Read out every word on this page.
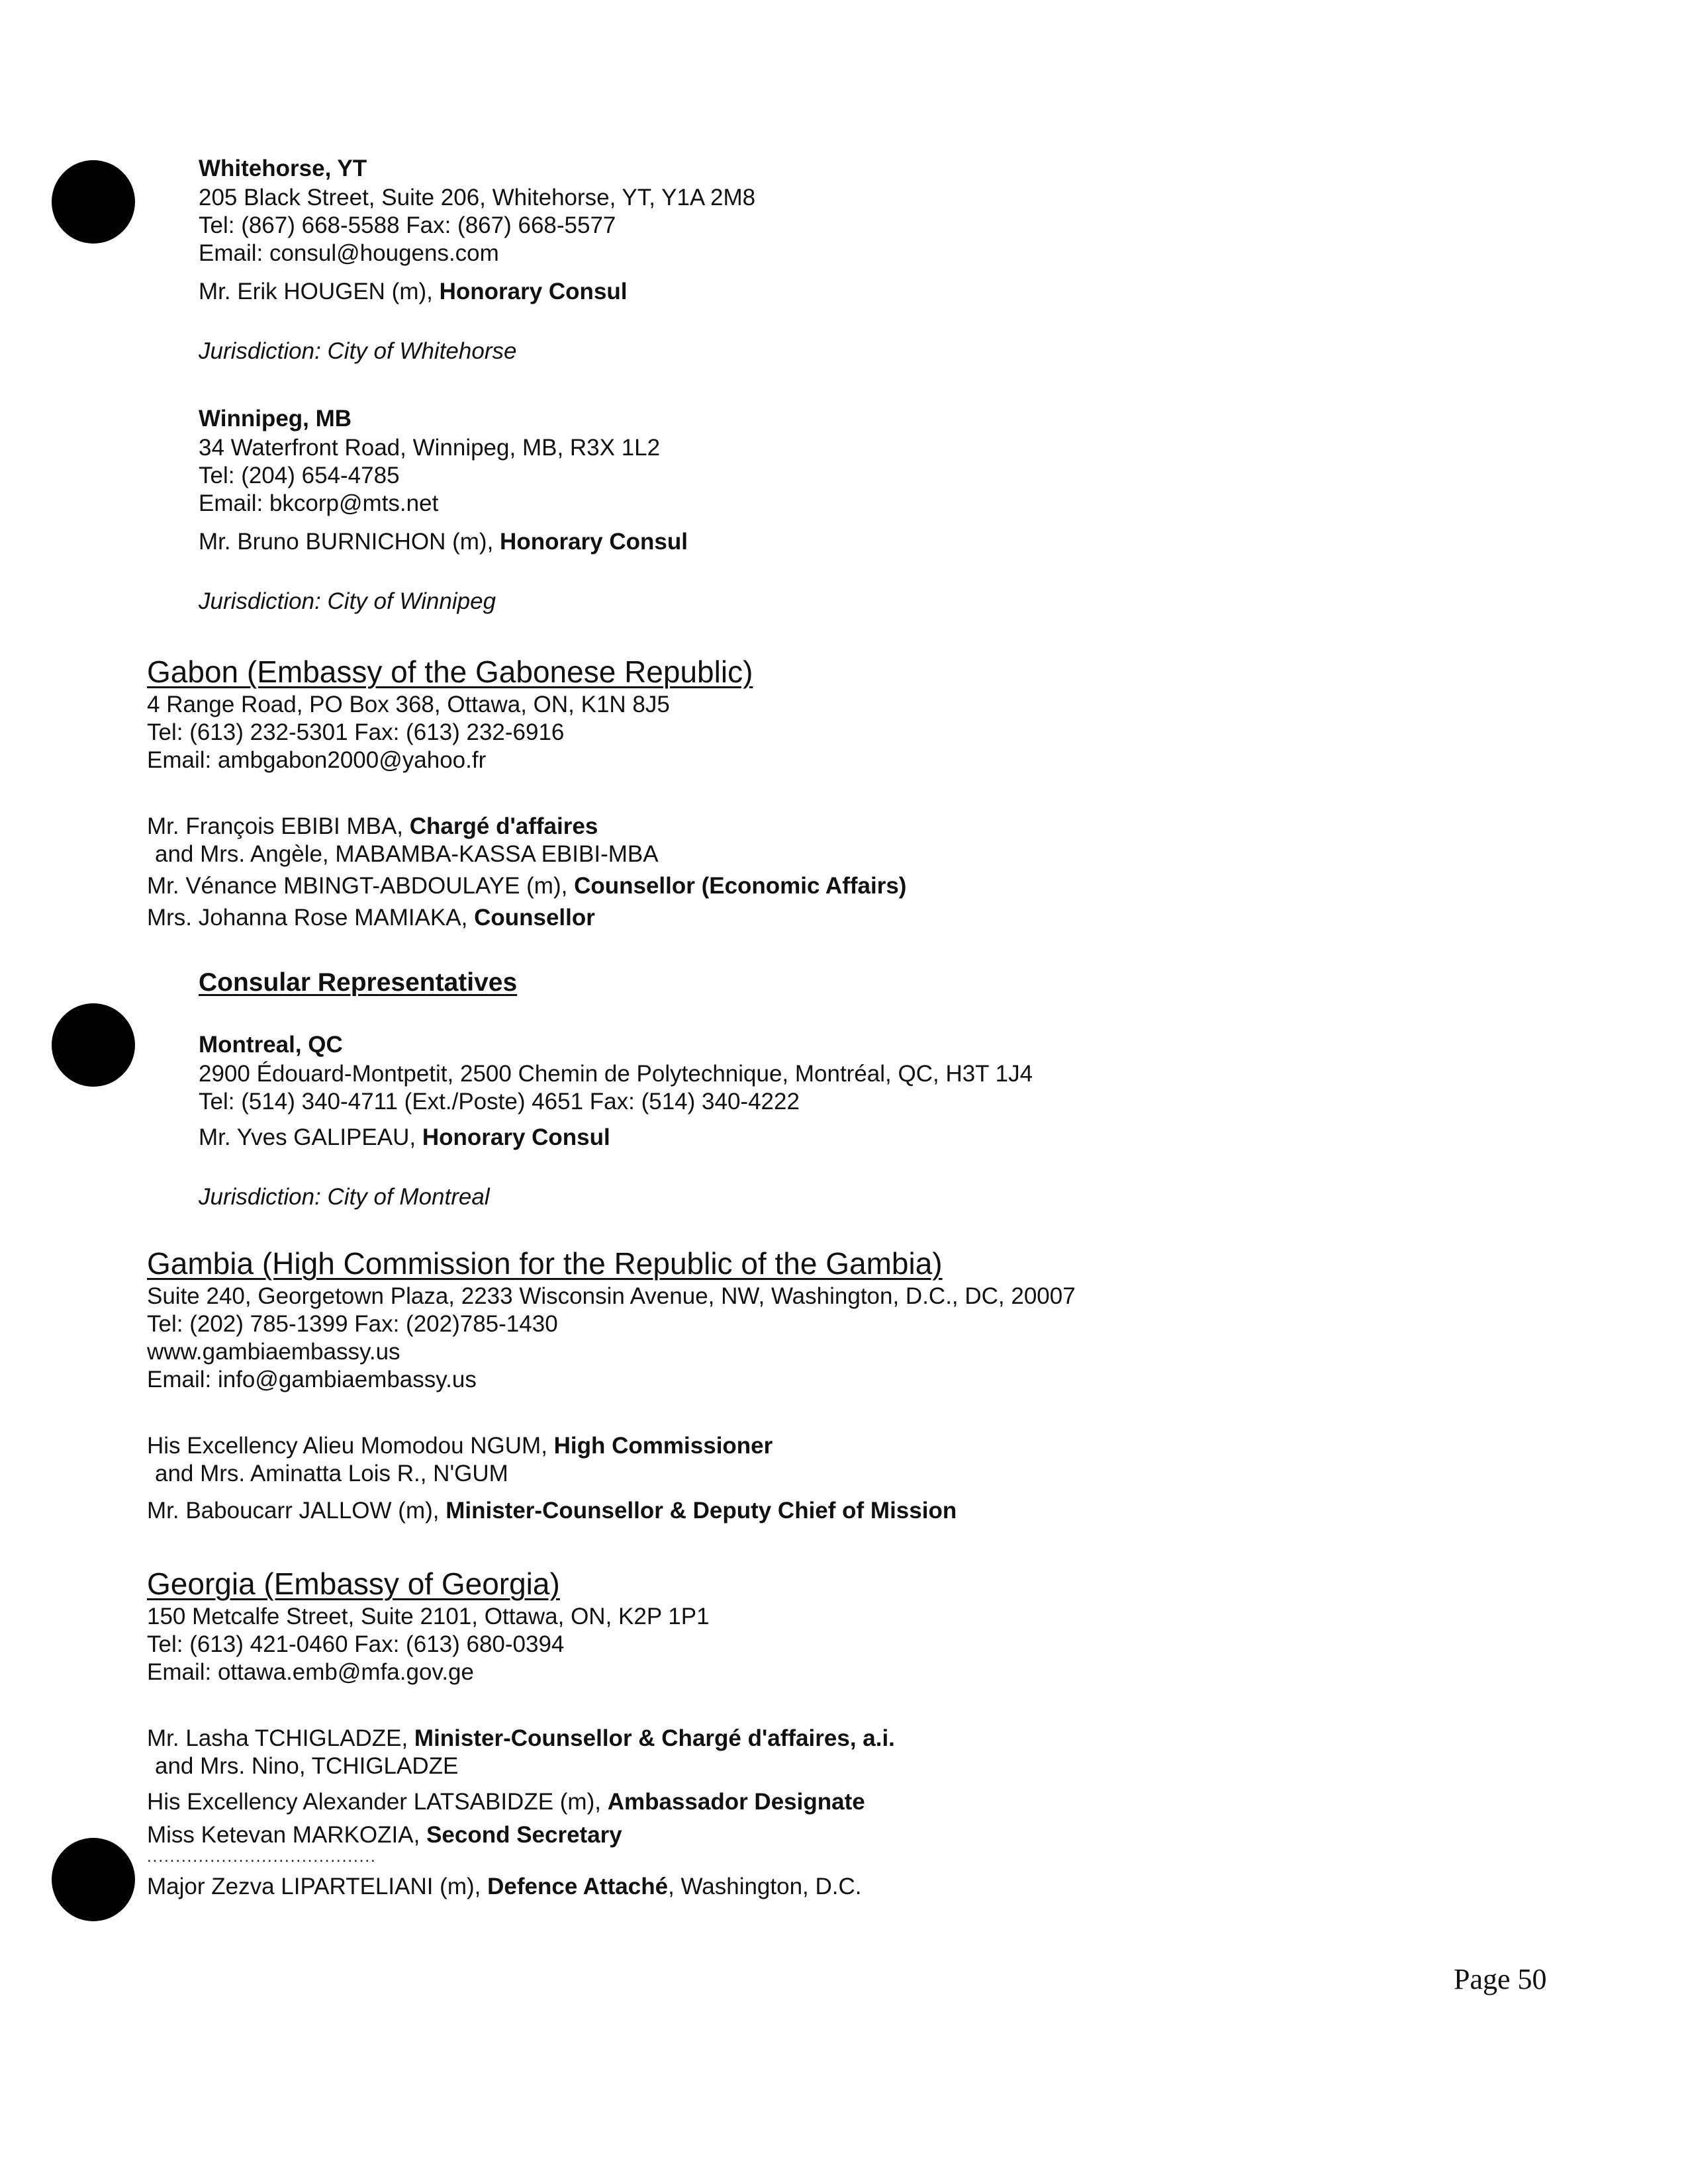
Whitehorse, YT
205 Black Street, Suite 206, Whitehorse, YT, Y1A 2M8
Tel: (867) 668-5588 Fax: (867) 668-5577
Email: consul@hougens.com
Mr. Erik HOUGEN (m), Honorary Consul
Jurisdiction: City of Whitehorse
Winnipeg, MB
34 Waterfront Road, Winnipeg, MB, R3X 1L2
Tel: (204) 654-4785
Email: bkcorp@mts.net
Mr. Bruno BURNICHON (m), Honorary Consul
Jurisdiction: City of Winnipeg
Gabon (Embassy of the Gabonese Republic)
4 Range Road, PO Box 368, Ottawa, ON, K1N 8J5
Tel: (613) 232-5301 Fax: (613) 232-6916
Email: ambgabon2000@yahoo.fr
Mr. François EBIBI MBA, Chargé d'affaires
and Mrs. Angèle, MABAMBA-KASSA EBIBI-MBA
Mr. Vénance MBINGT-ABDOULAYE (m), Counsellor (Economic Affairs)
Mrs. Johanna Rose MAMIAKA, Counsellor
Consular Representatives
Montreal, QC
2900 Édouard-Montpetit, 2500 Chemin de Polytechnique, Montréal, QC, H3T 1J4
Tel: (514) 340-4711 (Ext./Poste) 4651 Fax: (514) 340-4222
Mr. Yves GALIPEAU, Honorary Consul
Jurisdiction: City of Montreal
Gambia (High Commission for the Republic of the Gambia)
Suite 240, Georgetown Plaza, 2233 Wisconsin Avenue, NW, Washington, D.C., DC, 20007
Tel: (202) 785-1399 Fax: (202)785-1430
www.gambiaembassy.us
Email: info@gambiaembassy.us
His Excellency Alieu Momodou NGUM, High Commissioner
and Mrs. Aminatta Lois R., N'GUM
Mr. Baboucarr JALLOW (m), Minister-Counsellor & Deputy Chief of Mission
Georgia (Embassy of Georgia)
150 Metcalfe Street, Suite 2101, Ottawa, ON, K2P 1P1
Tel: (613) 421-0460 Fax: (613) 680-0394
Email: ottawa.emb@mfa.gov.ge
Mr. Lasha TCHIGLADZE, Minister-Counsellor & Chargé d'affaires, a.i.
and Mrs. Nino, TCHIGLADZE
His Excellency Alexander LATSABIDZE (m), Ambassador Designate
Miss Ketevan MARKOZIA, Second Secretary
........................................
Major Zezva LIPARTELIANI (m), Defence Attaché, Washington, D.C.
Page 50
